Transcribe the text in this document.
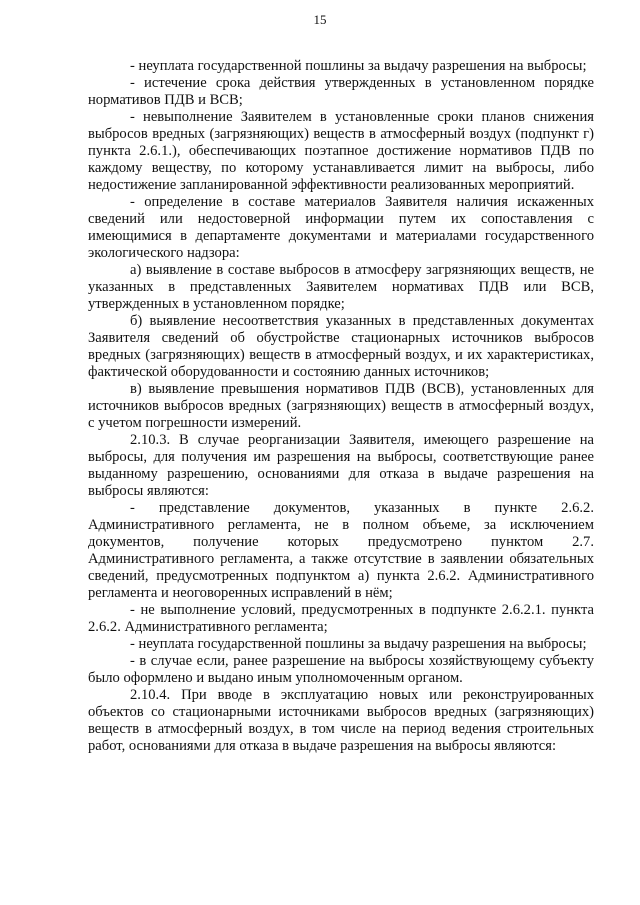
15

- неуплата государственной пошлины за выдачу разрешения на выбросы;

- истечение срока действия утвержденных в установленном порядке нормативов ПДВ и ВСВ;

- невыполнение Заявителем в установленные сроки планов снижения выбросов вредных (загрязняющих) веществ в атмосферный воздух (подпункт г) пункта 2.6.1.), обеспечивающих поэтапное достижение нормативов ПДВ по каждому веществу, по которому устанавливается лимит на выбросы, либо недостижение запланированной эффективности реализованных мероприятий.

- определение в составе материалов Заявителя наличия искаженных сведений или недостоверной информации путем их сопоставления с имеющимися в департаменте документами и материалами государственного экологического надзора:

а) выявление в составе выбросов в атмосферу загрязняющих веществ, не указанных в представленных Заявителем нормативах ПДВ или ВСВ, утвержденных в установленном порядке;

б) выявление несоответствия указанных в представленных документах Заявителя сведений об обустройстве стационарных источников выбросов вредных (загрязняющих) веществ в атмосферный воздух, и их характеристиках, фактической оборудованности и состоянию данных источников;

в) выявление превышения нормативов ПДВ (ВСВ), установленных для источников выбросов вредных (загрязняющих) веществ в атмосферный воздух, с учетом погрешности измерений.

2.10.3. В случае реорганизации Заявителя, имеющего разрешение на выбросы, для получения им разрешения на выбросы, соответствующие ранее выданному разрешению, основаниями для отказа в выдаче разрешения на выбросы являются:

- представление документов, указанных в пункте 2.6.2. Административного регламента, не в полном объеме, за исключением документов, получение которых предусмотрено пунктом 2.7. Административного регламента, а также отсутствие в заявлении обязательных сведений, предусмотренных подпунктом а) пункта 2.6.2. Административного регламента и неоговоренных исправлений в нём;

- не выполнение условий, предусмотренных в подпункте 2.6.2.1. пункта 2.6.2. Административного регламента;

- неуплата государственной пошлины за выдачу разрешения на выбросы;

- в случае если, ранее разрешение на выбросы хозяйствующему субъекту было оформлено и выдано иным уполномоченным органом.

2.10.4. При вводе в эксплуатацию новых или реконструированных объектов со стационарными источниками выбросов вредных (загрязняющих) веществ в атмосферный воздух, в том числе на период ведения строительных работ, основаниями для отказа в выдаче разрешения на выбросы являются:
